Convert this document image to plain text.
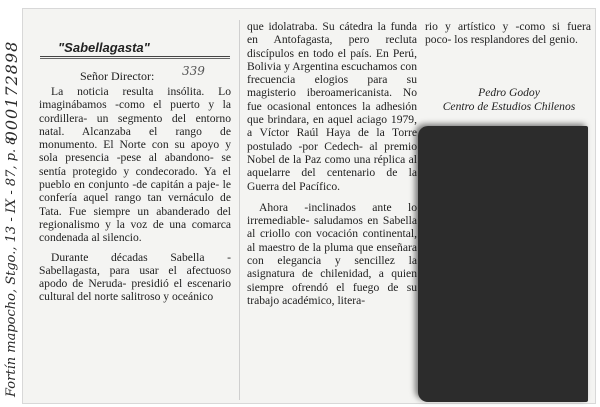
000172898
Fortín mapocho, Stgo., 13 - IX - 87, p. 8
"Sabellagasta"
Señor Director: 339

La noticia resulta insólita. Lo imaginábamos -como el puerto y la cordillera- un segmento del entorno natal. Alcanzaba el rango de monumento. El Norte con su apoyo y sola presencia -pese al abandono- se sentía protegido y condecorado. Ya el pueblo en conjunto -de capitán a paje- le confería aquel rango tan vernáculo de Tata. Fue siempre un abanderado del regionalismo y la voz de una comarca condenada al silencio.

Durante décadas Sabella -Sabellagasta, para usar el afectuoso apodo de Neruda- presidió el escenario cultural del norte salitroso y oceánico

que idolatraba. Su cátedra la funda en Antofagasta, pero recluta discípulos en todo el país. En Perú, Bolivia y Argentina escuchamos con frecuencia elogios para su magisterio iberoamericanista. No fue ocasional entonces la adhesión que brindara, en aquel aciago 1979, a Víctor Raúl Haya de la Torre postulado -por Cedech- al premio Nobel de la Paz como una réplica al aquelarre del centenario de la Guerra del Pacífico.

Ahora -inclinados ante lo irremediable- saludamos en Sabella al criollo con vocación continental, al maestro de la pluma que enseñara con elegancia y sencillez la asignatura de chilenidad, a quien siempre ofrendó el fuego de su trabajo académico, litera-

rio y artístico y -como si fuera poco- los resplandores del genio.

Pedro Godoy
Centro de Estudios Chilenos
